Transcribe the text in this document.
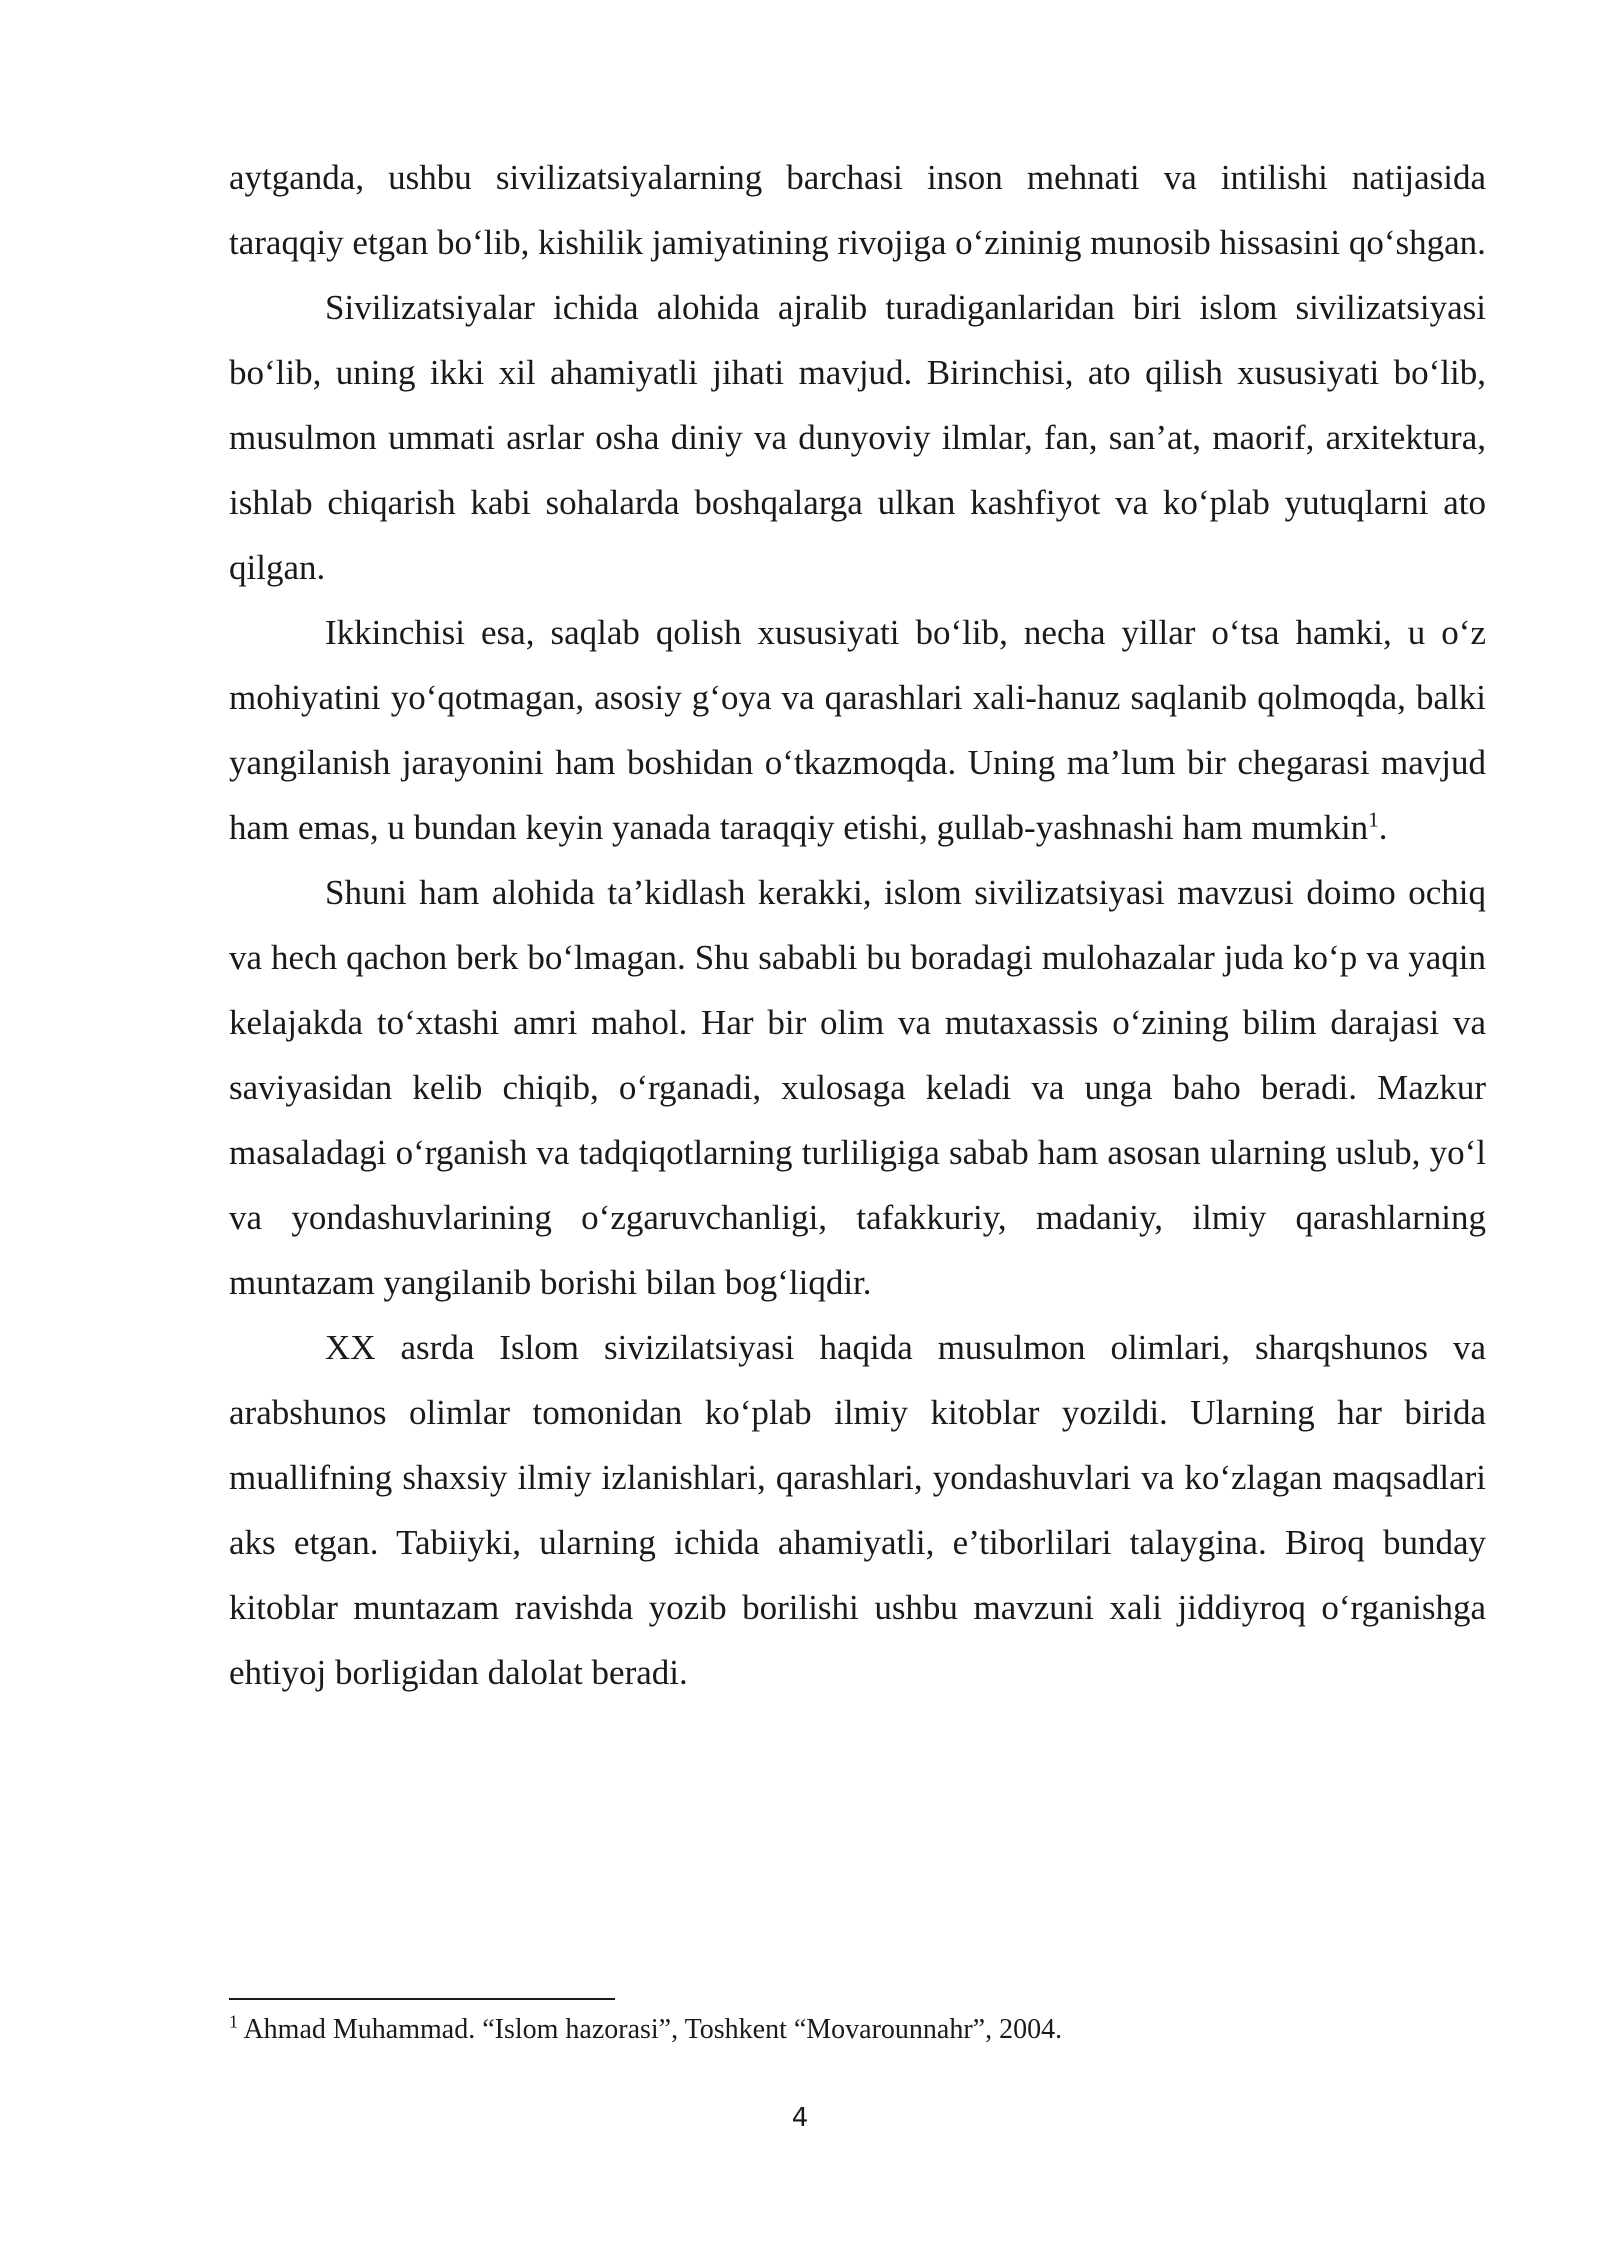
aytganda, ushbu sivilizatsiyalarning barchasi inson mehnati va intilishi natijasida taraqqiy etgan bo‘lib, kishilik jamiyatining rivojiga o‘zininig munosib hissasini qo‘shgan.

Sivilizatsiyalar ichida alohida ajralib turadiganlaridan biri islom sivilizatsiyasi bo‘lib, uning ikki xil ahamiyatli jihati mavjud. Birinchisi, ato qilish xususiyati bo‘lib, musulmon ummati asrlar osha diniy va dunyoviy ilmlar, fan, san’at, maorif, arxitektura, ishlab chiqarish kabi sohalarda boshqalarga ulkan kashfiyot va ko‘plab yutuqlarni ato qilgan.

Ikkinchisi esa, saqlab qolish xususiyati bo‘lib, necha yillar o‘tsa hamki, u o‘z mohiyatini yo‘qotmagan, asosiy g‘oya va qarashlari xali-hanuz saqlanib qolmoqda, balki yangilanish jarayonini ham boshidan o‘tkazmoqda. Uning ma’lum bir chegarasi mavjud ham emas, u bundan keyin yanada taraqqiy etishi, gullab-yashnashi ham mumkin$^1$.

Shuni ham alohida ta’kidlash kerakki, islom sivilizatsiyasi mavzusi doimo ochiq va hech qachon berk bo‘lmagan. Shu sababli bu boradagi mulohazalar juda ko‘p va yaqin kelajakda to‘xtashi amri mahol. Har bir olim va mutaxassis o‘zining bilim darajasi va saviyasidan kelib chiqib, o‘rganadi, xulosaga keladi va unga baho beradi. Mazkur masaladagi o‘rganish va tadqiqotlarning turliligiga sabab ham asosan ularning uslub, yo‘l va yondashuvlarining o‘zgaruvchanligi, tafakkuriy, madaniy, ilmiy qarashlarning muntazam yangilanib borishi bilan bog‘liqdir.

XX asrda Islom sivizilatsiyasi haqida musulmon olimlari, sharqshunos va arabshunos olimlar tomonidan ko‘plab ilmiy kitoblar yozildi. Ularning har birida muallifning shaxsiy ilmiy izlanishlari, qarashlari, yondashuvlari va ko‘zlagan maqsadlari aks etgan. Tabiiyki, ularning ichida ahamiyatli, e’tiborlilari talaygina. Biroq bunday kitoblar muntazam ravishda yozib borilishi ushbu mavzuni xali jiddiyroq o‘rganishga ehtiyoj borligidan dalolat beradi.

$^1$ Ahmad Muhammad. “Islom hazorasi”, Toshkent “Movarounnahr”, 2004.
4
